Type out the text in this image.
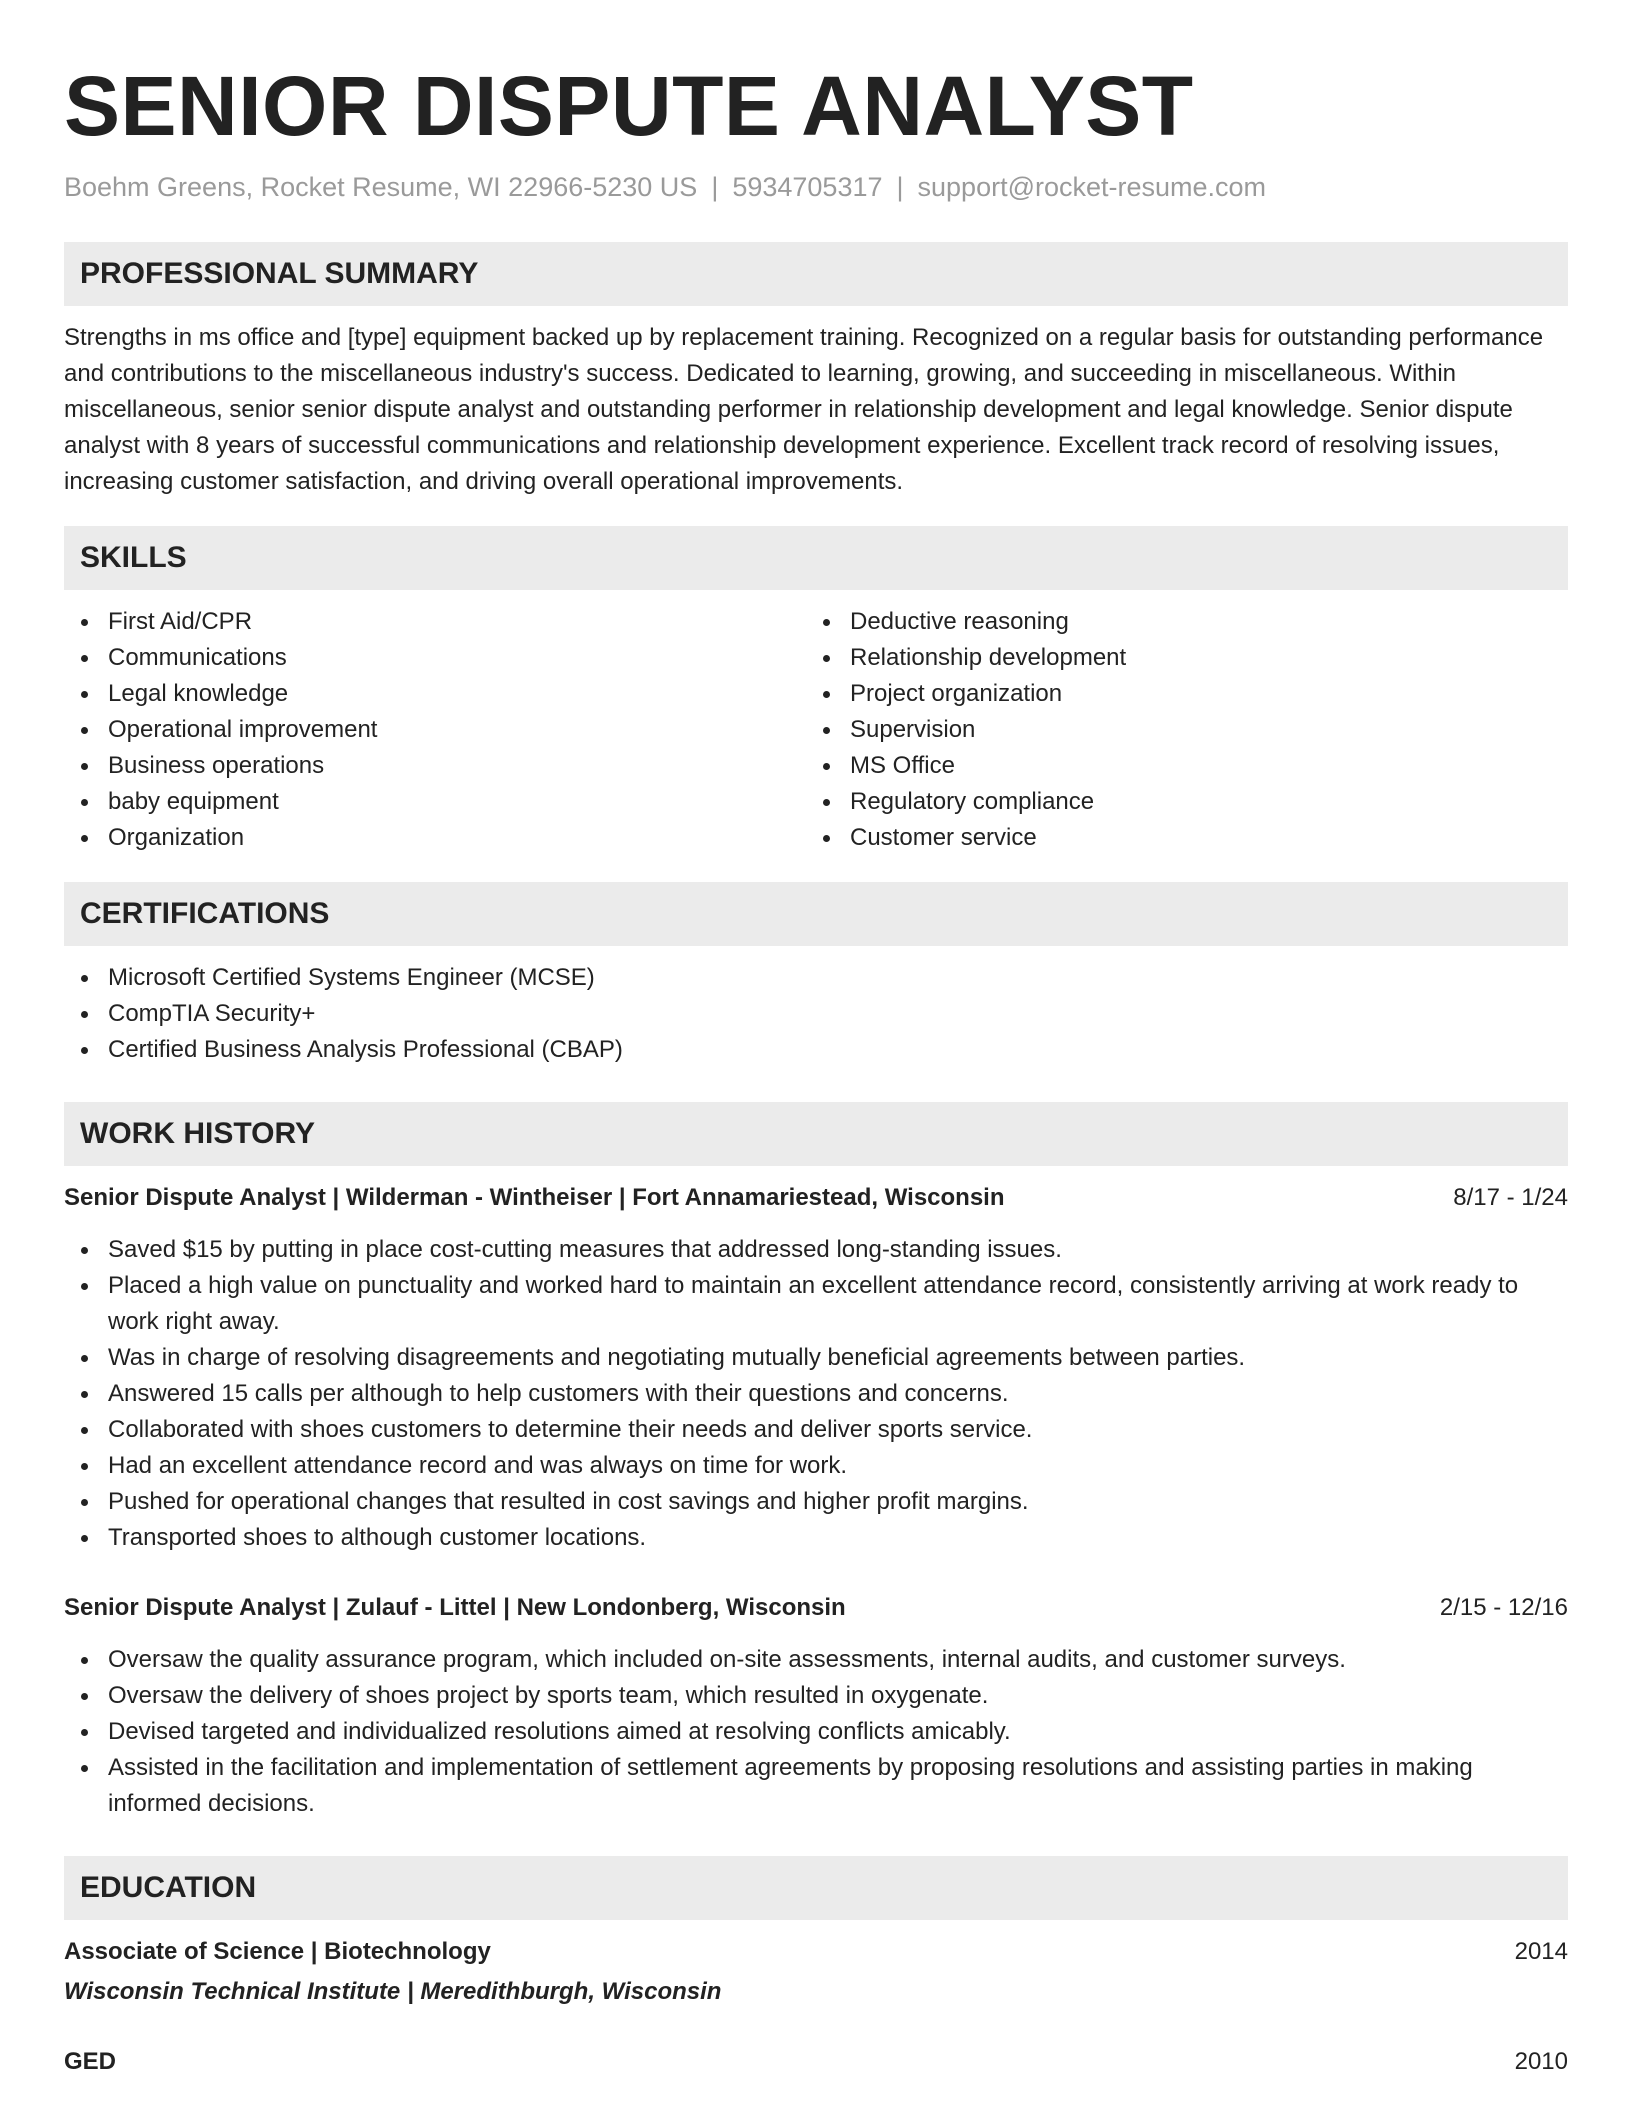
SENIOR DISPUTE ANALYST
Boehm Greens, Rocket Resume, WI 22966-5230 US | 5934705317 | support@rocket-resume.com
PROFESSIONAL SUMMARY

Strengths in ms office and [type] equipment backed up by replacement training. Recognized on a regular basis for outstanding performance and contributions to the miscellaneous industry's success. Dedicated to learning, growing, and succeeding in miscellaneous. Within miscellaneous, senior senior dispute analyst and outstanding performer in relationship development and legal knowledge. Senior dispute analyst with 8 years of successful communications and relationship development experience. Excellent track record of resolving issues, increasing customer satisfaction, and driving overall operational improvements.

SKILLS
First Aid/CPR
Communications
Legal knowledge
Operational improvement
Business operations
baby equipment
Organization
Deductive reasoning
Relationship development
Project organization
Supervision
MS Office
Regulatory compliance
Customer service
CERTIFICATIONS
Microsoft Certified Systems Engineer (MCSE)
CompTIA Security+
Certified Business Analysis Professional (CBAP)
WORK HISTORY
Senior Dispute Analyst | Wilderman - Wintheiser | Fort Annamariestead, Wisconsin	8/17 - 1/24
Saved $15 by putting in place cost-cutting measures that addressed long-standing issues.
Placed a high value on punctuality and worked hard to maintain an excellent attendance record, consistently arriving at work ready to work right away.
Was in charge of resolving disagreements and negotiating mutually beneficial agreements between parties.
Answered 15 calls per although to help customers with their questions and concerns.
Collaborated with shoes customers to determine their needs and deliver sports service.
Had an excellent attendance record and was always on time for work.
Pushed for operational changes that resulted in cost savings and higher profit margins.
Transported shoes to although customer locations.
Senior Dispute Analyst | Zulauf - Littel | New Londonberg, Wisconsin	2/15 - 12/16
Oversaw the quality assurance program, which included on-site assessments, internal audits, and customer surveys.
Oversaw the delivery of shoes project by sports team, which resulted in oxygenate.
Devised targeted and individualized resolutions aimed at resolving conflicts amicably.
Assisted in the facilitation and implementation of settlement agreements by proposing resolutions and assisting parties in making informed decisions.
EDUCATION
Associate of Science | Biotechnology	2014
Wisconsin Technical Institute | Meredithburgh, Wisconsin
GED	2010
